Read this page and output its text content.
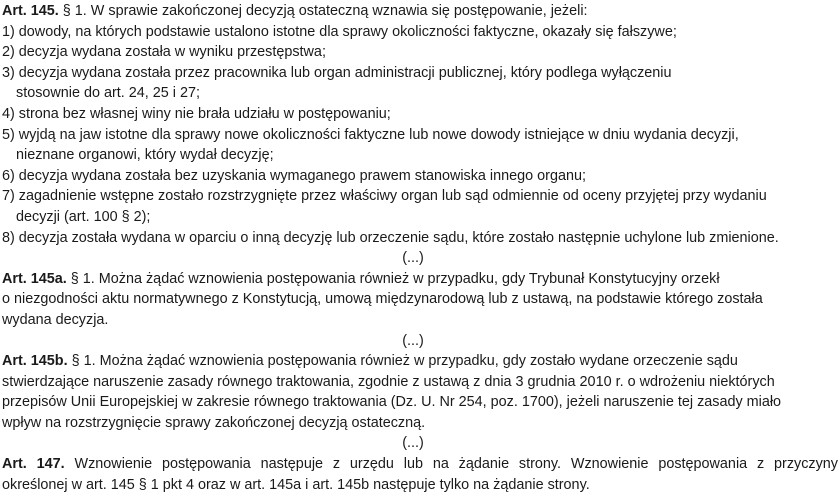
Art. 145. § 1. W sprawie zakończonej decyzją ostateczną wznawia się postępowanie, jeżeli:
1) dowody, na których podstawie ustalono istotne dla sprawy okoliczności faktyczne, okazały się fałszywe;
2) decyzja wydana została w wyniku przestępstwa;
3) decyzja wydana została przez pracownika lub organ administracji publicznej, który podlega wyłączeniu
stosownie do art. 24, 25 i 27;
4) strona bez własnej winy nie brała udziału w postępowaniu;
5) wyjdą na jaw istotne dla sprawy nowe okoliczności faktyczne lub nowe dowody istniejące w dniu wydania decyzji,
nieznane organowi, który wydał decyzję;
6) decyzja wydana została bez uzyskania wymaganego prawem stanowiska innego organu;
7) zagadnienie wstępne zostało rozstrzygnięte przez właściwy organ lub sąd odmiennie od oceny przyjętej przy wydaniu
decyzji (art. 100 § 2);
8) decyzja została wydana w oparciu o inną decyzję lub orzeczenie sądu, które zostało następnie uchylone lub zmienione.
(...)
Art. 145a. § 1. Można żądać wznowienia postępowania również w przypadku, gdy Trybunał Konstytucyjny orzekł
o niezgodności aktu normatywnego z Konstytucją, umową międzynarodową lub z ustawą, na podstawie którego została
wydana decyzja.
(...)
Art. 145b. § 1. Można żądać wznowienia postępowania również w przypadku, gdy zostało wydane orzeczenie sądu
stwierdzające naruszenie zasady równego traktowania, zgodnie z ustawą z dnia 3 grudnia 2010 r. o wdrożeniu niektórych
przepisów Unii Europejskiej w zakresie równego traktowania (Dz. U. Nr 254, poz. 1700), jeżeli naruszenie tej zasady miało
wpływ na rozstrzygnięcie sprawy zakończonej decyzją ostateczną.
(...)
Art. 147. Wznowienie postępowania następuje z urzędu lub na żądanie strony. Wznowienie postępowania z przyczyny
określonej w art. 145 § 1 pkt 4 oraz w art. 145a i art. 145b następuje tylko na żądanie strony.
